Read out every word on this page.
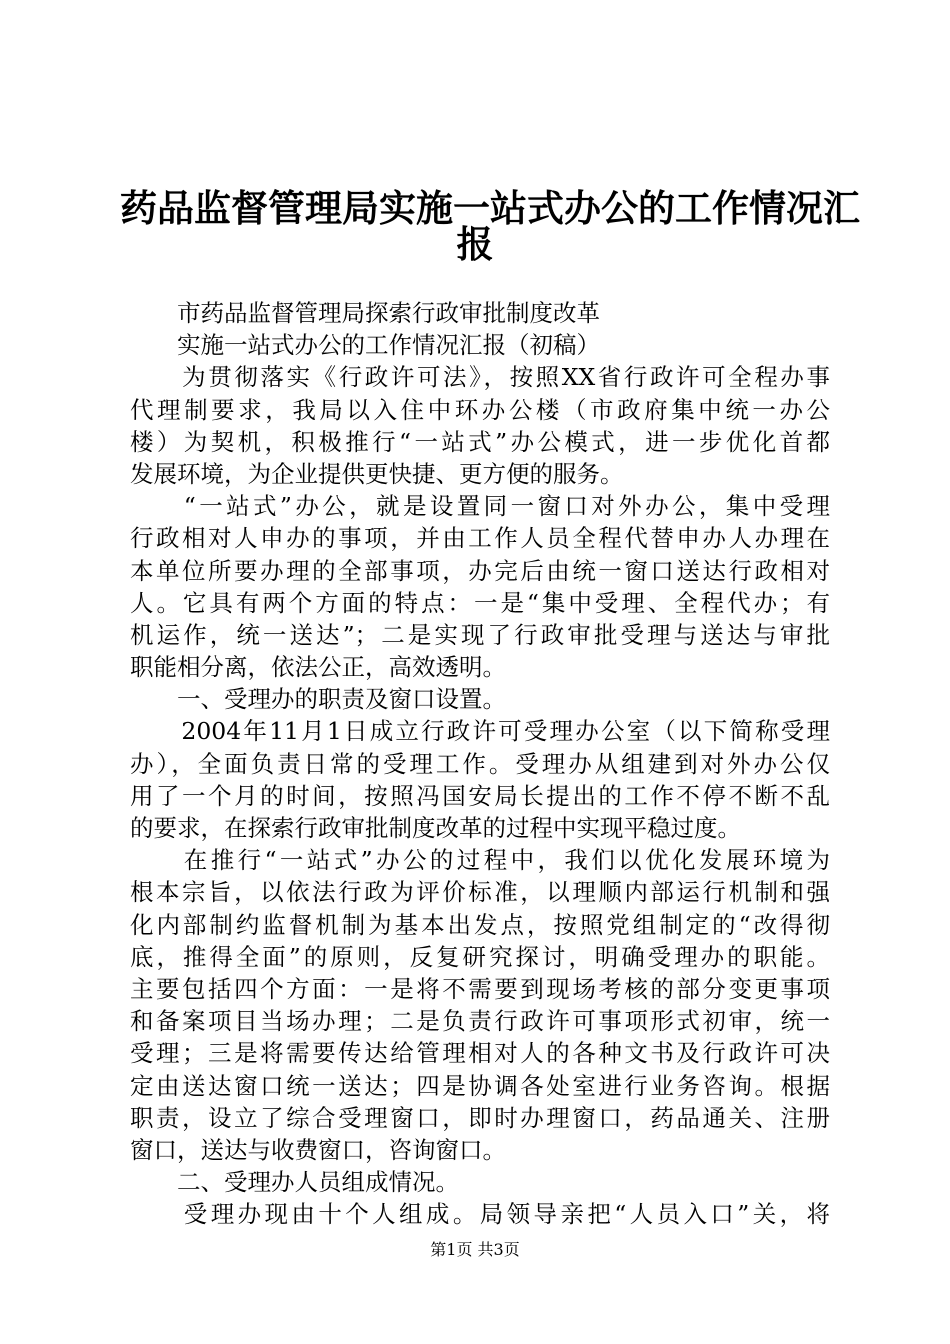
药品监督管理局实施一站式办公的工作情况汇
报
　　市药品监督管理局探索行政审批制度改革
　　实施一站式办公的工作情况汇报（初稿）
　　为贯彻落实《行政许可法》，按照XX省行政许可全程办事
代理制要求，我局以入住中环办公楼（市政府集中统一办公
楼）为契机，积极推行“一站式”办公模式，进一步优化首都
发展环境，为企业提供更快捷、更方便的服务。
　　“一站式”办公，就是设置同一窗口对外办公，集中受理
行政相对人申办的事项，并由工作人员全程代替申办人办理在
本单位所要办理的全部事项，办完后由统一窗口送达行政相对
人。它具有两个方面的特点：一是“集中受理、全程代办；有
机运作，统一送达”；二是实现了行政审批受理与送达与审批
职能相分离，依法公正，高效透明。
　　一、受理办的职责及窗口设置。
　　2004年11月1日成立行政许可受理办公室（以下简称受理
办），全面负责日常的受理工作。受理办从组建到对外办公仅
用了一个月的时间，按照冯国安局长提出的工作不停不断不乱
的要求，在探索行政审批制度改革的过程中实现平稳过度。
　　在推行“一站式”办公的过程中，我们以优化发展环境为
根本宗旨，以依法行政为评价标准，以理顺内部运行机制和强
化内部制约监督机制为基本出发点，按照党组制定的“改得彻
底，推得全面”的原则，反复研究探讨，明确受理办的职能。
主要包括四个方面：一是将不需要到现场考核的部分变更事项
和备案项目当场办理；二是负责行政许可事项形式初审，统一
受理；三是将需要传达给管理相对人的各种文书及行政许可决
定由送达窗口统一送达；四是协调各处室进行业务咨询。根据
职责，设立了综合受理窗口，即时办理窗口，药品通关、注册
窗口，送达与收费窗口，咨询窗口。
　　二、受理办人员组成情况。
　　受理办现由十个人组成。局领导亲把“人员入口”关，将
第1页 共3页
